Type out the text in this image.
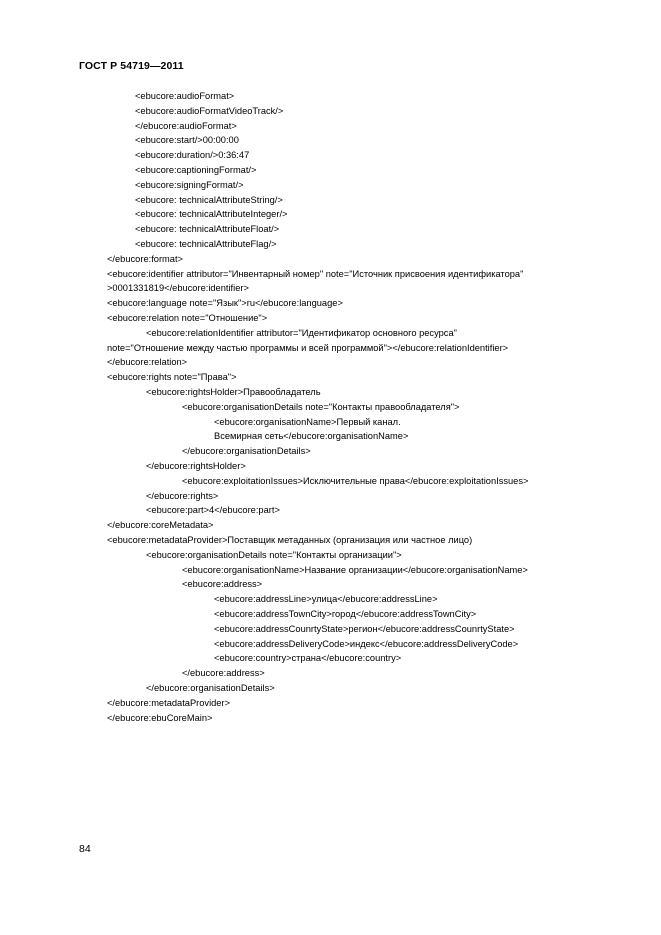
ГОСТ Р 54719—2011
<ebucore:audioFormat>
<ebucore:audioFormatVideoTrack/>
</ebucore:audioFormat>
<ebucore:start/>00:00:00
<ebucore:duration/>0:36:47
<ebucore:captioningFormat/>
<ebucore:signingFormat/>
<ebucore: technicalAttributeString/>
<ebucore: technicalAttributeInteger/>
<ebucore: technicalAttributeFloat/>
<ebucore: technicalAttributeFlag/>
</ebucore:format>
<ebucore:identifier attributor="Инвентарный номер" note="Источник присвоения идентификатора"
>0001331819</ebucore:identifier>
<ebucore:language note="Язык">ru</ebucore:language>
<ebucore:relation note="Отношение">
<ebucore:relationIdentifier attributor="Идентификатор основного ресурса"
note="Отношение между частью программы и всей программой"></ebucore:relationIdentifier>
</ebucore:relation>
<ebucore:rights note="Права">
<ebucore:rightsHolder>Правообладатель
<ebucore:organisationDetails note="Контакты правообладателя">
<ebucore:organisationName>Первый канал.
Всемирная сеть</ebucore:organisationName>
</ebucore:organisationDetails>
</ebucore:rightsHolder>
<ebucore:exploitationIssues>Исключительные права</ebucore:exploitationIssues>
</ebucore:rights>
<ebucore:part>4</ebucore:part>
</ebucore:coreMetadata>
<ebucore:metadataProvider>Поставщик метаданных (организация или частное лицо)
<ebucore:organisationDetails note="Контакты организации">
<ebucore:organisationName>Название организации</ebucore:organisationName>
<ebucore:address>
<ebucore:addressLine>улица</ebucore:addressLine>
<ebucore:addressTownCity>город</ebucore:addressTownCity>
<ebucore:addressCounrtyState>регион</ebucore:addressCounrtyState>
<ebucore:addressDeliveryCode>индекс</ebucore:addressDeliveryCode>
<ebucore:country>страна</ebucore:country>
</ebucore:address>
</ebucore:organisationDetails>
</ebucore:metadataProvider>
</ebucore:ebuCoreMain>
84
